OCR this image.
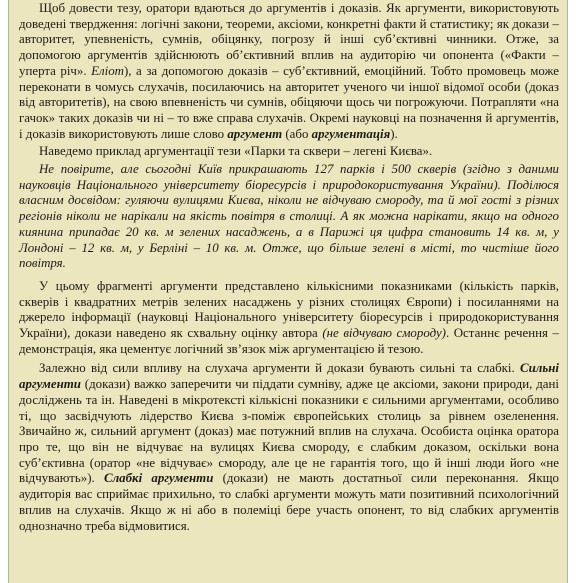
Щоб довести тезу, оратори вдаються до аргументів і доказів. Як аргументи, використовують доведені твердження: логічні закони, теореми, аксіоми, конкретні факти й статистику; як докази – авторитет, упевненість, сумнів, обіцянку, погрозу й інші суб’єктивні чинники. Отже, за допомогою аргументів здійснюють об’єктивний вплив на аудиторію чи опонента («Факти – уперта річ». Еліот), а за допомогою доказів – суб’єктивний, емоційний. Тобто промовець може переконати в чомусь слухачів, посилаючись на авторитет ученого чи іншої відомої особи (доказ від авторитетів), на свою впевненість чи сумнів, обіцяючи щось чи погрожуючи. Потрапляти «на гачок» таких доказів чи ні – то вже справа слухачів. Окремі науковці на позначення й аргументів, і доказів використовують лише слово аргумент (або аргументація).

Наведемо приклад аргументації тези «Парки та сквери – легені Києва».

Не повірите, але сьогодні Київ прикрашають 127 парків і 500 скверів (згідно з даними науковців Національного університету біоресурсів і природокористування України). Поділюся власним досвідом: гуляючи вулицями Києва, ніколи не відчуваю смороду, та й мої гості з різних регіонів ніколи не нарікали на якість повітря в столиці. А як можна нарікати, якщо на одного киянина припадає 20 кв. м зелених насаджень, а в Парижі ця цифра становить 14 кв. м, у Лондоні – 12 кв. м, у Берліні – 10 кв. м. Отже, що більше зелені в місті, то чистіше його повітря.

У цьому фрагменті аргументи представлено кількісними показниками (кількість парків, скверів і квадратних метрів зелених насаджень у різних столицях Європи) і посиланнями на джерело інформації (науковці Національного університету біоресурсів і природокористування України), докази наведено як схвальну оцінку автора (не відчуваю смороду). Останнє речення – демонстрація, яка цементує логічний зв’язок між аргументацією й тезою.

Залежно від сили впливу на слухача аргументи й докази бувають сильні та слабкі. Сильні аргументи (докази) важко заперечити чи піддати сумніву, адже це аксіоми, закони природи, дані досліджень та ін. Наведені в мікротексті кількісні показники є сильними аргументами, особливо ті, що засвідчують лідерство Києва з-поміж європейських столиць за рівнем озеленення. Звичайно ж, сильний аргумент (доказ) має потужний вплив на слухача. Особиста оцінка оратора про те, що він не відчуває на вулицях Києва смороду, є слабким доказом, оскільки вона суб’єктивна (оратор «не відчуває» смороду, але це не гарантія того, що й інші люди його «не відчувають»). Слабкі аргументи (докази) не мають достатньої сили переконання. Якщо аудиторія вас сприймає прихильно, то слабкі аргументи можуть мати позитивний психологічний вплив на слухачів. Якщо ж ні або в полеміці бере участь опонент, то від слабких аргументів однозначно треба відмовитися.
